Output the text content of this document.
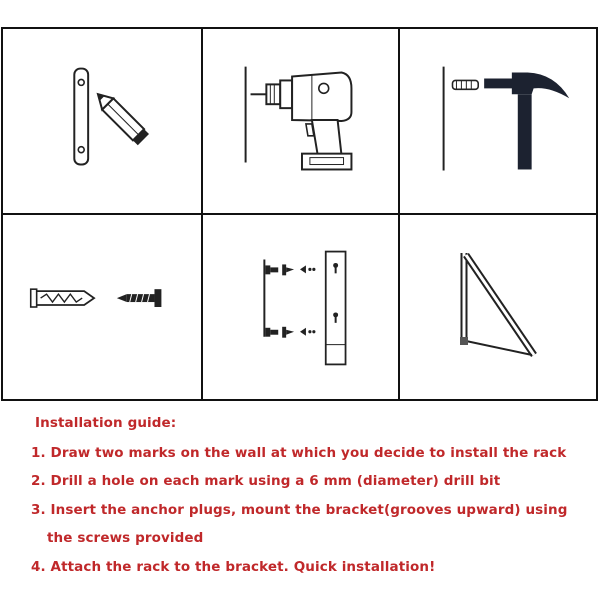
Installation guide:
1. Draw two marks on the wall at which you decide to install the rack
2. Drill a hole on each mark using a 6 mm (diameter) drill bit
3. Insert the anchor plugs, mount the bracket(grooves upward) using
the screws provided
4. Attach the rack to the bracket. Quick installation!
